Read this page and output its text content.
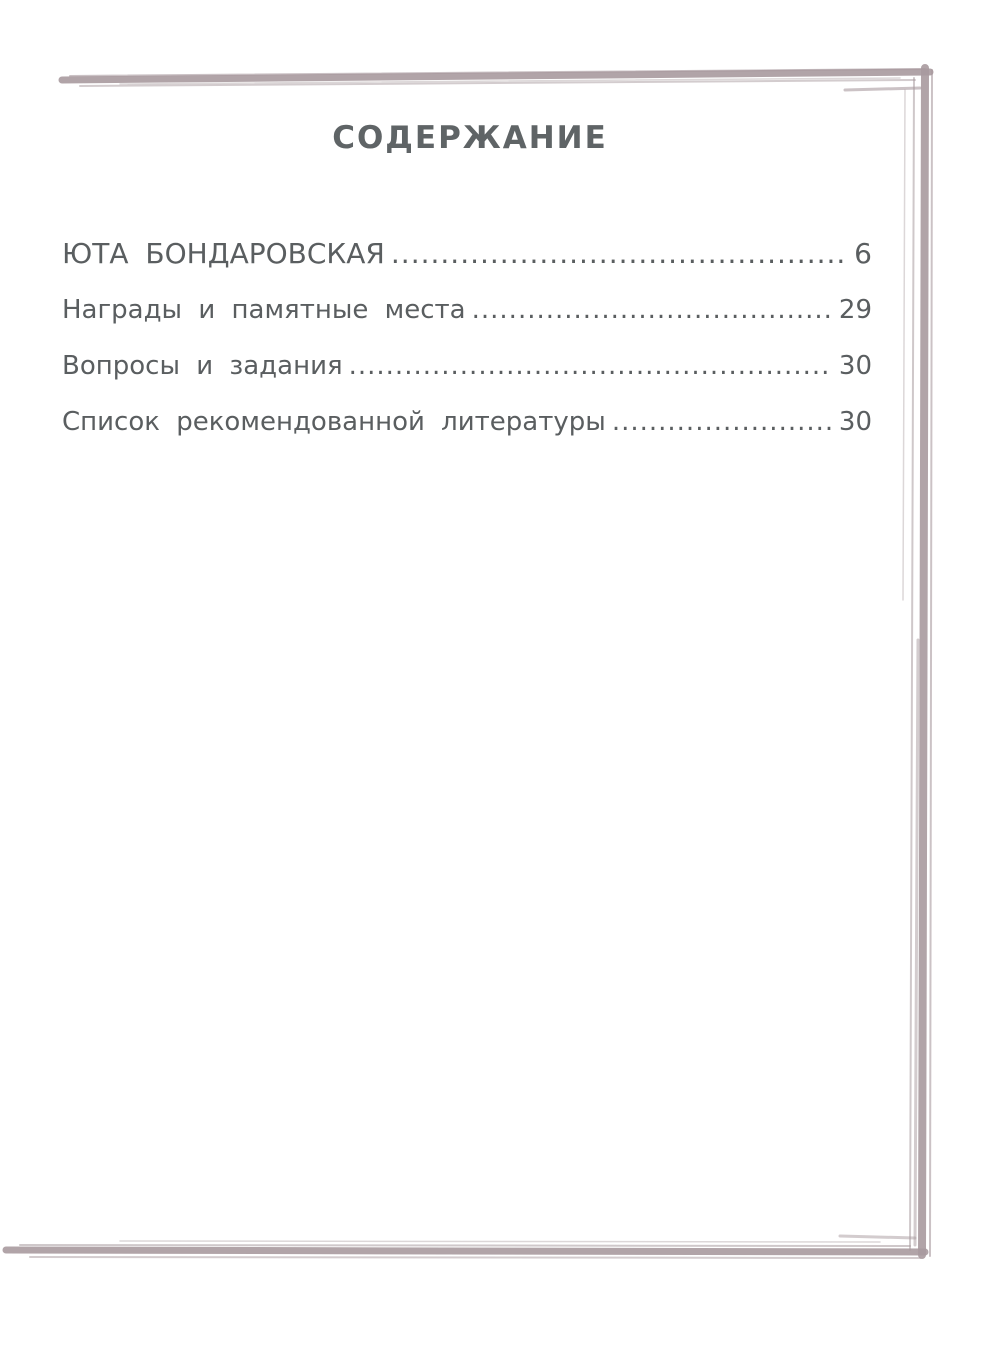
СОДЕРЖАНИЕ
ЮТА БОНДАРОВСКАЯ .....	6
Награды и памятные места .....	29
Вопросы и задания .....	30
Список рекомендованной литературы .....	30
